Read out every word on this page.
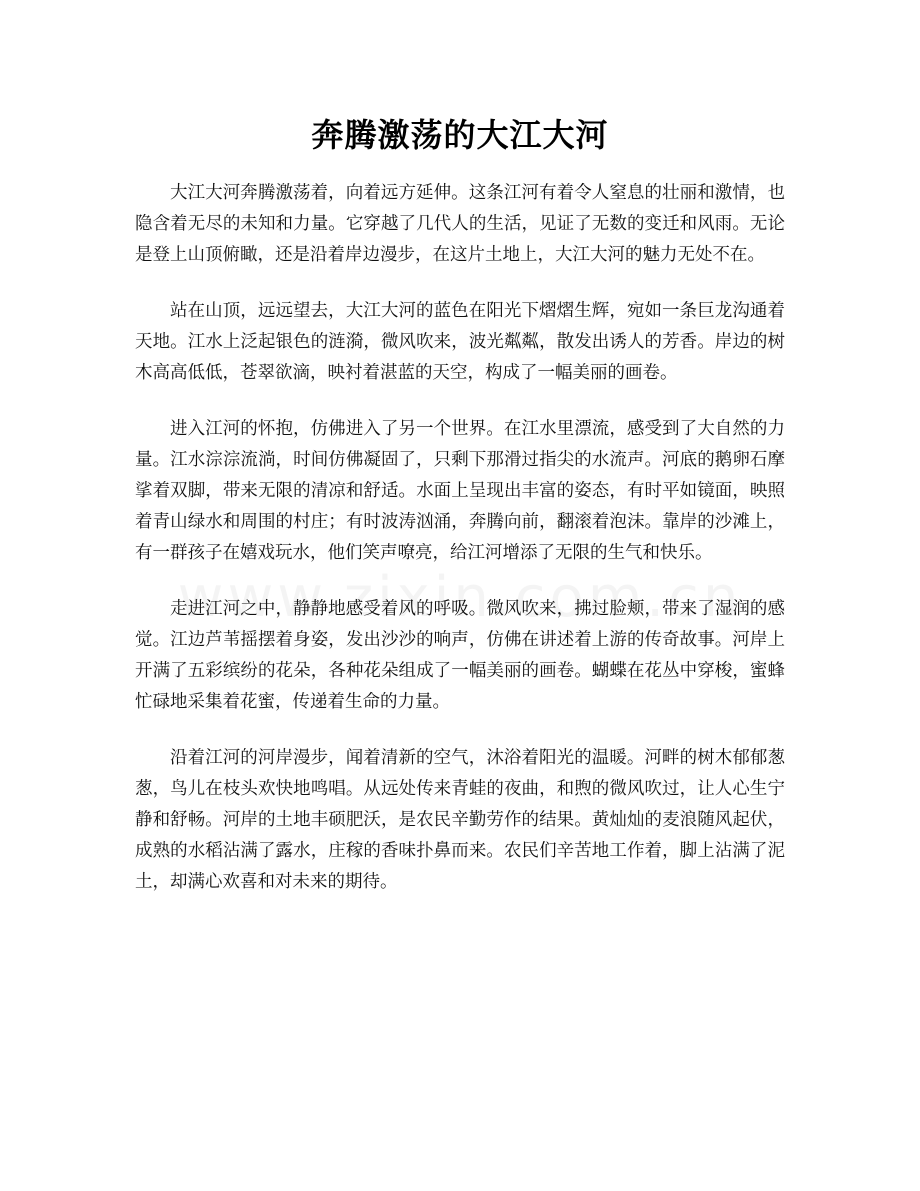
奔腾激荡的大江大河

大江大河奔腾激荡着，向着远方延伸。这条江河有着令人窒息的壮丽和激情，也隐含着无尽的未知和力量。它穿越了几代人的生活，见证了无数的变迁和风雨。无论是登上山顶俯瞰，还是沿着岸边漫步，在这片土地上，大江大河的魅力无处不在。

站在山顶，远远望去，大江大河的蓝色在阳光下熠熠生辉，宛如一条巨龙沟通着天地。江水上泛起银色的涟漪，微风吹来，波光粼粼，散发出诱人的芳香。岸边的树木高高低低，苍翠欲滴，映衬着湛蓝的天空，构成了一幅美丽的画卷。

进入江河的怀抱，仿佛进入了另一个世界。在江水里漂流，感受到了大自然的力量。江水淙淙流淌，时间仿佛凝固了，只剩下那滑过指尖的水流声。河底的鹅卵石摩挲着双脚，带来无限的清凉和舒适。水面上呈现出丰富的姿态，有时平如镜面，映照着青山绿水和周围的村庄；有时波涛汹涌，奔腾向前，翻滚着泡沫。靠岸的沙滩上，有一群孩子在嬉戏玩水，他们笑声嘹亮，给江河增添了无限的生气和快乐。

走进江河之中，静静地感受着风的呼吸。微风吹来，拂过脸颊，带来了湿润的感觉。江边芦苇摇摆着身姿，发出沙沙的响声，仿佛在讲述着上游的传奇故事。河岸上开满了五彩缤纷的花朵，各种花朵组成了一幅美丽的画卷。蝴蝶在花丛中穿梭，蜜蜂忙碌地采集着花蜜，传递着生命的力量。

沿着江河的河岸漫步，闻着清新的空气，沐浴着阳光的温暖。河畔的树木郁郁葱葱，鸟儿在枝头欢快地鸣唱。从远处传来青蛙的夜曲，和煦的微风吹过，让人心生宁静和舒畅。河岸的土地丰硕肥沃，是农民辛勤劳作的结果。黄灿灿的麦浪随风起伏，成熟的水稻沾满了露水，庄稼的香味扑鼻而来。农民们辛苦地工作着，脚上沾满了泥土，却满心欢喜和对未来的期待。
